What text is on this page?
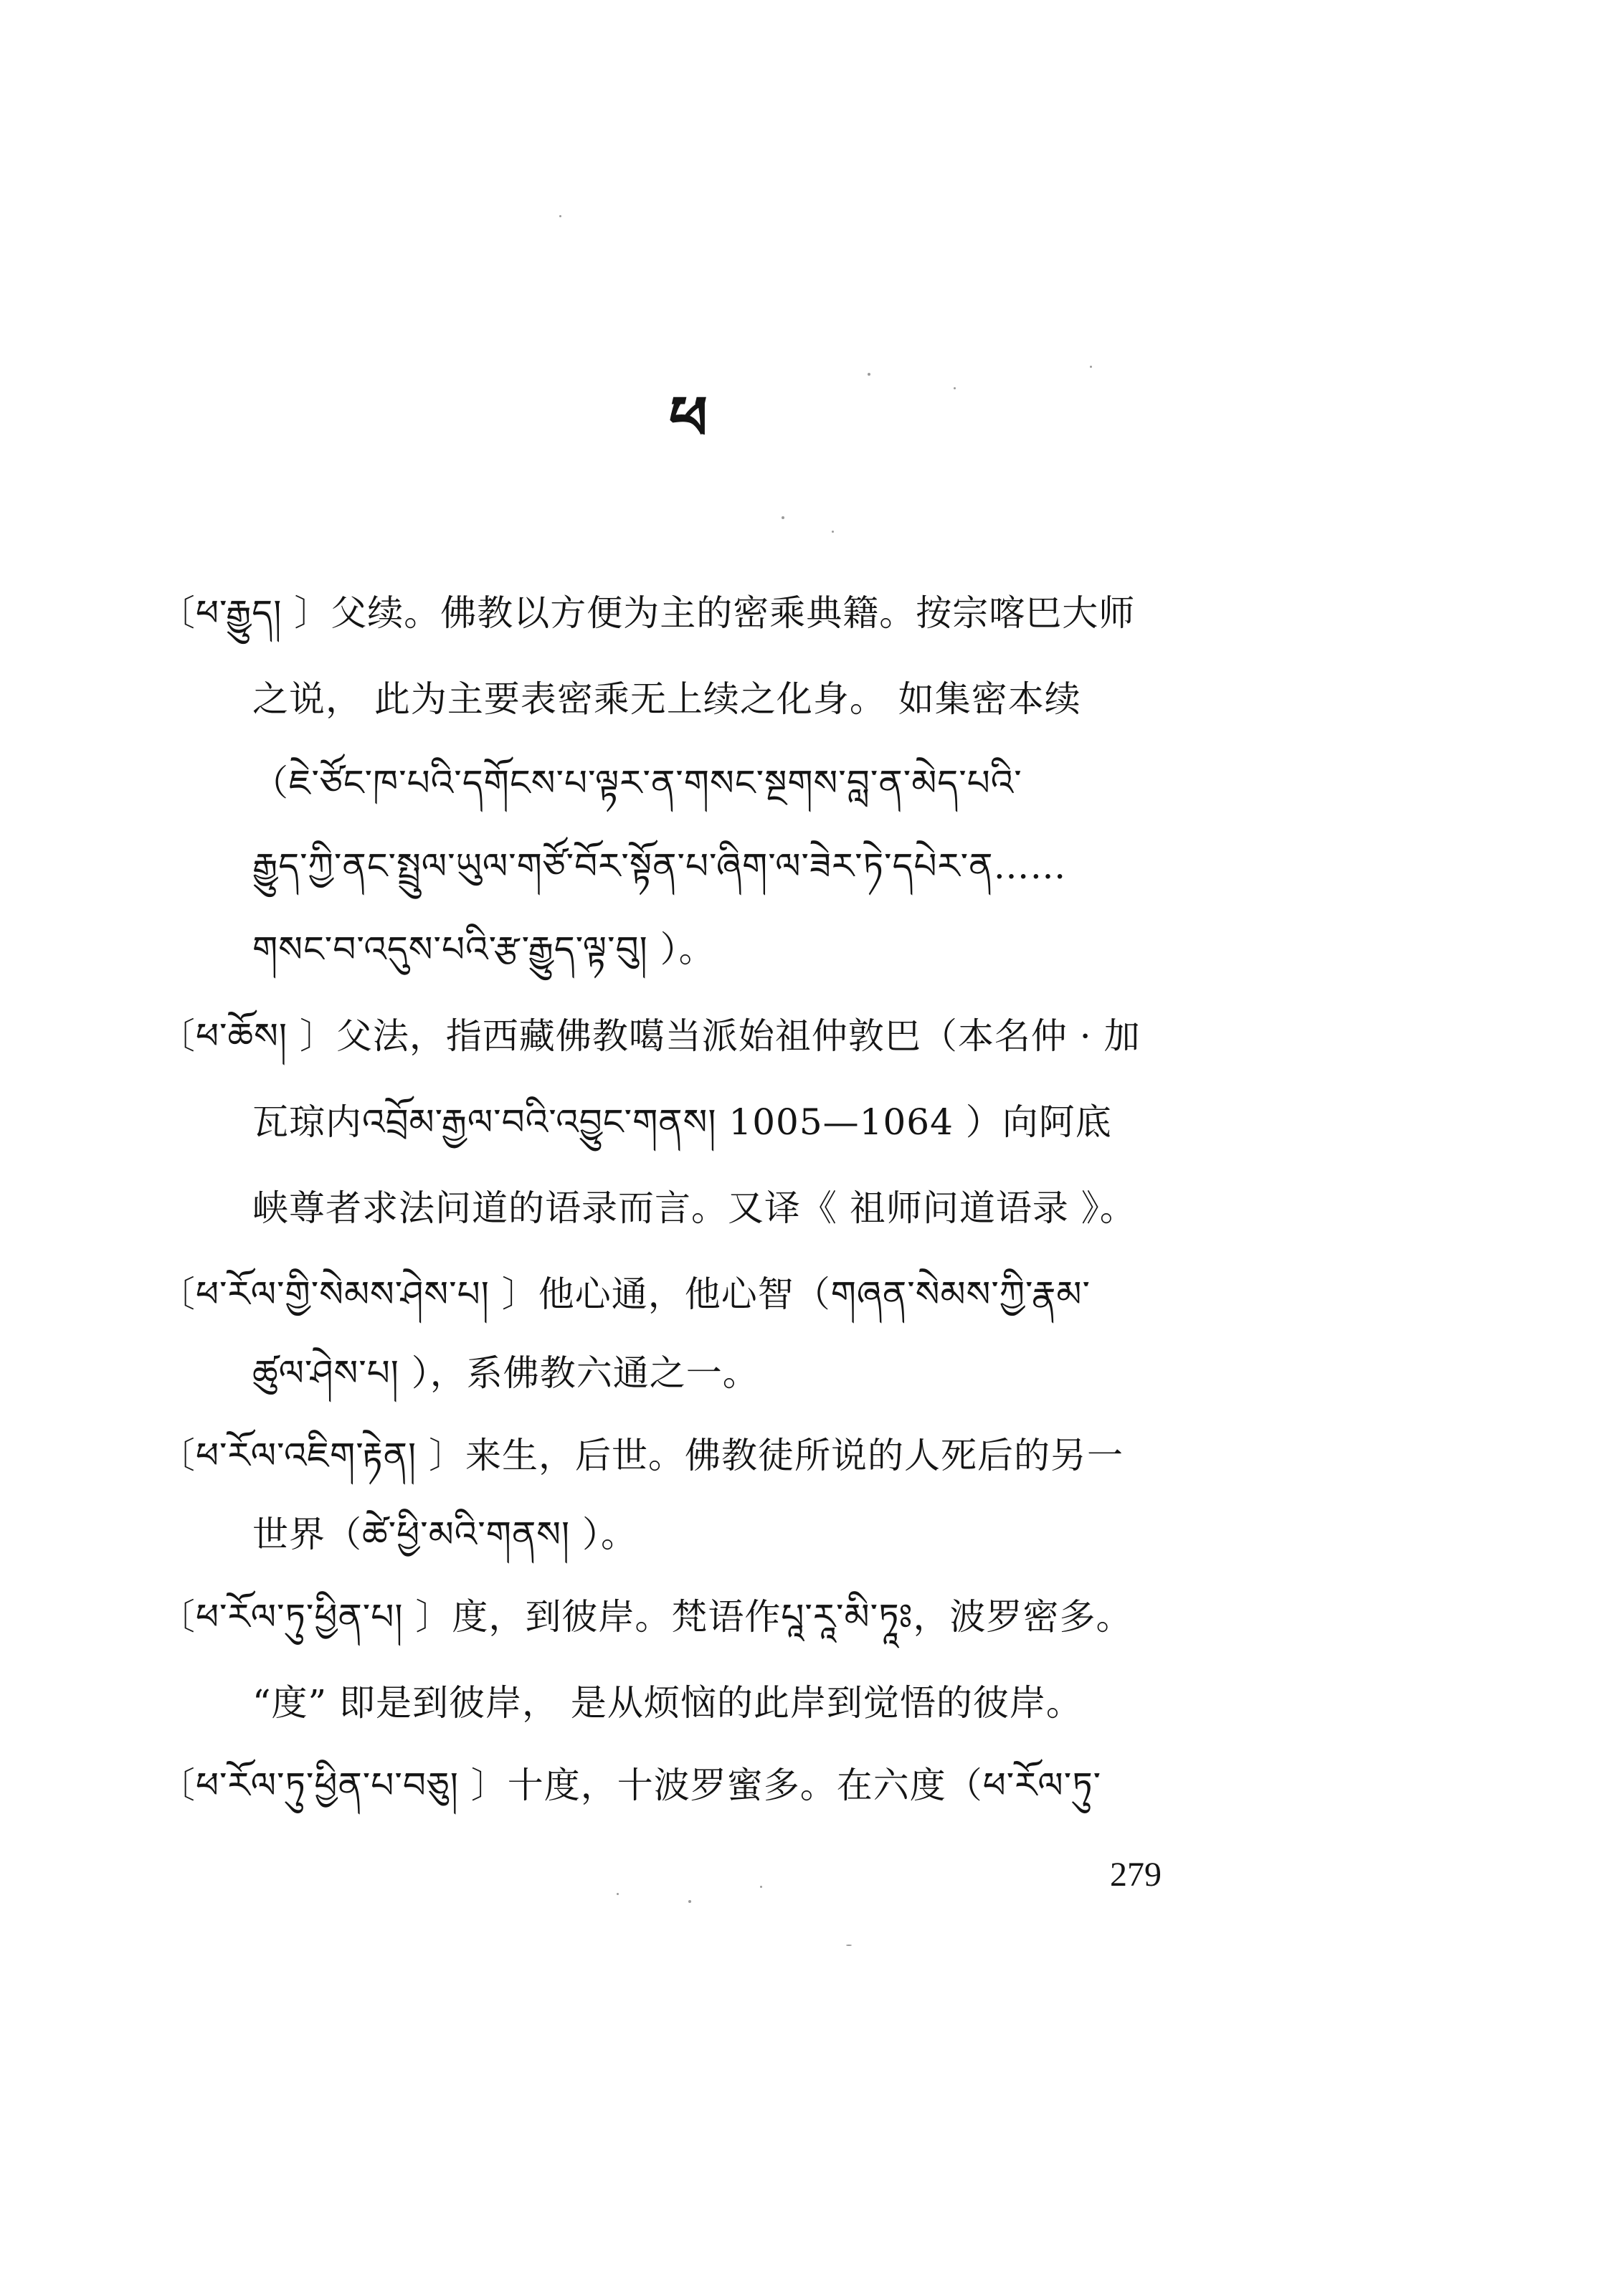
ཕ
〔ཕ་རྒྱུད། 〕父续。佛教以方便为主的密乘典籍。按宗喀巴大师
之说， 此为主要表密乘无上续之化身。 如集密本续
（ཇེ་ཙོང་ཁ་པའི་དགོངས་པ་ལྟར་ན་གསང་སྔགས་བླ་ན་མེད་པའི་
རྒྱུད་ཀྱི་ནང་སྤྲུལ་ཡུལ་གཙོ་བོར་སྟོན་པ་ཞིག་ལ་ཟེར་ཏེ་དཔེར་ན……
གསང་བ་འདུས་པའི་རྩ་རྒྱུད་ལྟ་བུ། ）。
〔ཕ་ཆོས། 〕父法，指西藏佛教噶当派始祖仲敦巴（本名仲 · 加
瓦琼内འབྲོམ་རྒྱལ་བའི་འབྱུང་གནས། 1005—1064 ）向阿底
峡尊者求法问道的语录而言。又译《 祖师问道语录 》。
〔ཕ་རོལ་གྱི་སེམས་ཤེས་པ། 〕他心通，他心智（གཞན་སེམས་ཀྱི་རྣམ་
ཚུལ་ཤེས་པ། ），系佛教六通之一。
〔ཕ་རོལ་འཇིག་རྟེན། 〕来生，后世。佛教徒所说的人死后的另一
世界（ཚེ་ཕྱི་མའི་གནས། ）。
〔ཕ་རོལ་ཏུ་ཕྱིན་པ། 〕度，到彼岸。梵语作པཱ་རཱ་མི་ཏཱཿ，波罗密多。
“度” 即是到彼岸， 是从烦恼的此岸到觉悟的彼岸。
〔ཕ་རོལ་ཏུ་ཕྱིན་པ་བཅུ། 〕十度，十波罗蜜多。在六度（ཕ་རོལ་ཏུ་
279
